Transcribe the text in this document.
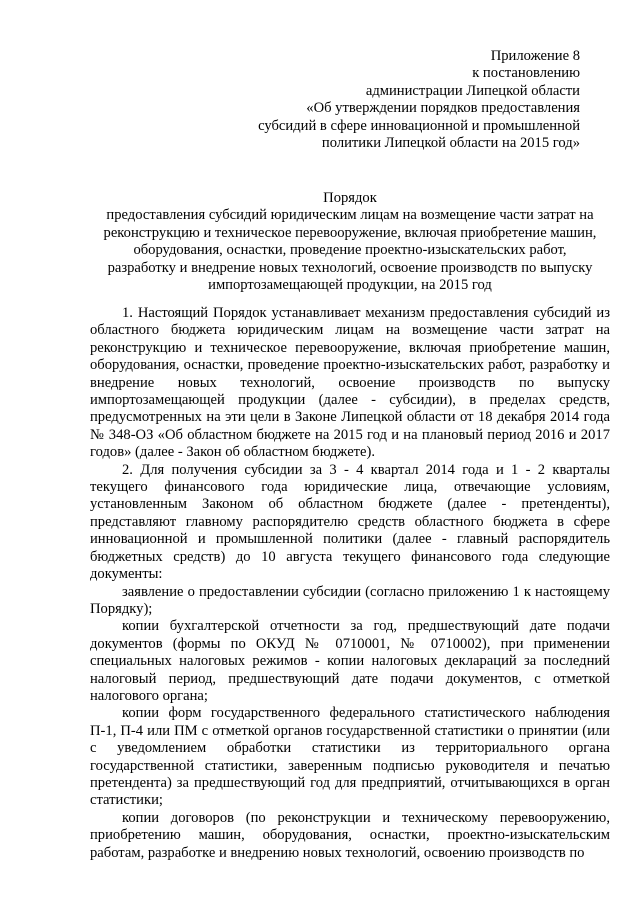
Приложение 8
к постановлению
администрации Липецкой области
«Об утверждении порядков предоставления
субсидий в сфере инновационной и промышленной
политики Липецкой области на 2015 год»
Порядок
предоставления субсидий юридическим лицам на возмещение части затрат на
реконструкцию и техническое перевооружение, включая приобретение машин,
оборудования, оснастки, проведение проектно-изыскательских работ,
разработку и внедрение новых технологий, освоение производств по выпуску
импортозамещающей продукции, на 2015 год

1. Настоящий Порядок устанавливает механизм предоставления субсидий из областного бюджета юридическим лицам на возмещение части затрат на реконструкцию и техническое перевооружение, включая приобретение машин, оборудования, оснастки, проведение проектно-изыскательских работ, разработку и внедрение новых технологий, освоение производств по выпуску импортозамещающей продукции (далее - субсидии), в пределах средств, предусмотренных на эти цели в Законе Липецкой области от 18 декабря 2014 года № 348-ОЗ «Об областном бюджете на 2015 год и на плановый период 2016 и 2017 годов» (далее - Закон об областном бюджете).

2. Для получения субсидии за 3 - 4 квартал 2014 года и 1 - 2 кварталы текущего финансового года юридические лица, отвечающие условиям, установленным Законом об областном бюджете (далее - претенденты), представляют главному распорядителю средств областного бюджета в сфере инновационной и промышленной политики (далее - главный распорядитель бюджетных средств) до 10 августа текущего финансового года следующие документы:

заявление о предоставлении субсидии (согласно приложению 1 к настоящему Порядку);

копии бухгалтерской отчетности за год, предшествующий дате подачи документов (формы по ОКУД № 0710001, № 0710002), при применении специальных налоговых режимов - копии налоговых деклараций за последний налоговый период, предшествующий дате подачи документов, с отметкой налогового органа;

копии форм государственного федерального статистического наблюдения П-1, П-4 или ПМ с отметкой органов государственной статистики о принятии (или с уведомлением обработки статистики из территориального органа государственной статистики, заверенным подписью руководителя и печатью претендента) за предшествующий год для предприятий, отчитывающихся в орган статистики;

копии договоров (по реконструкции и техническому перевооружению, приобретению машин, оборудования, оснастки, проектно-изыскательским работам, разработке и внедрению новых технологий, освоению производств по
